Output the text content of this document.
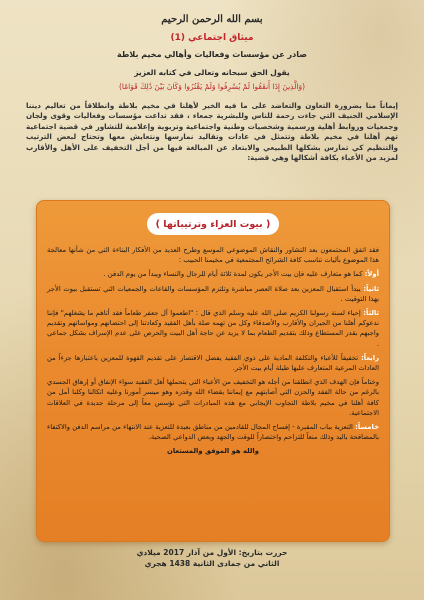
بسم الله الرحمن الرحيم
ميثاق اجتماعي (1)
صادر عن مؤسسات وفعاليات وأهالي مخيم بلاطة
يقول الحق سبحانه وتعالى في كتابه العزيز
(وَالَّذِينَ إِذَا أَنفَقُوا لَمْ يُسْرِفُوا وَلَمْ يَقْتُرُوا وَكَانَ بَيْنَ ذَٰلِكَ قَوَامًا)
إيماناً منا بضرورة التعاون والتعاضد على ما فيه الخير لأهلنا في مخيم بلاطة وانطلاقاً من تعاليم ديننا الإسلامي الحنيف التي جاءت رحمة للناس وللبشرية جمعاء ، فقد تداعت مؤسسات وفعاليات وقوى ولجان وجمعيات وروابط أهلية ورسمية وشخصيات وطنية واجتماعية وتربوية وإعلامية للتشاور في قضية اجتماعية تهم أهلنا في مخيم بلاطة وتتمثل في عادات وتقاليد نمارسها ونتعايش معها وتحتاج لبعض الترتيب والتنظيم كي تمارس بشكلها الطبيعي والابتعاد عن المبالغة فيها من أجل التخفيف على الأهل والأقارب لمزيد من الأعباء بكافة أشكالها وهي قضية:
( بيوت العزاء وترتيباتها )

فقد اتفق المجتمعون بعد التشاور والنقاش الموضوعي الموسع وطرح العديد من الأفكار البناءة التي من شأنها معالجة هذا الموضوع بآليات تناسب كافة الشرائح المجتمعية في مخيمنا الحبيب :

أولاً: كما هو متعارف عليه فإن بيت الأجر يكون لمدة ثلاثة أيام للرجال والنساء ويبدأ من يوم الدفن .

ثانياً: يبدأ استقبال المعزين بعد صلاة العصر مباشرة وتلتزم المؤسسات والقاعات والجمعيات التي تستقبل بيوت الأجر بهذا التوقيت .

ثالثاً: إحياء لسنة رسولنا الكريم صلى الله عليه وسلم الذي قال : "اطعموا آل جعفر طعاماً فقد أتاهم ما يشغلهم" فإننا ندعوكم أهلنا من الجيران والأقارب والأصدقاء وكل من تهمه صلة بأهل الفقيد وكعادتنا إلى احتضانهم ومواساتهم وتقديم واجبهم بقدر المستطاع وذلك بتقديم الطعام بما لا يزيد عن حاجة أهل البيت والحرص على عدم الإسراف بشكل جماعي .

رابعاً: تخفيفاً للأعباء والتكلفة المادية على ذوي الفقيد يفضل الاقتصار على تقديم القهوة للمعزين باعتبارها جزءاً من العادات المرعية المتعارف عليها طيلة أيام بيت الأجر.

وختاماً فإن الهدف الذي انطلقنا من أجله هو التخفيف من الأعباء التي يتحملها أهل الفقيد سواء الإنفاق أو إرهاق الجسدي بالرغم من حالة الفقد والحزن التي أصابتهم مع إيماننا بقضاء الله وقدره وهو ميسر أمورنا وعليه اتكالنا وكلنا أمل من كافة أهلنا في مخيم بلاطة التجاوب الإيجابي مع هذه المبادرات التي نؤسس معاً إلى مرحلة جديدة في العلاقات الاجتماعية.

خامساً: التعزية بباب المقبرة - إفساح المجال للقادمين من مناطق بعيدة للتعزية عند الانتهاء من مراسم الدفن والاكتفاء بالمصافحة باليد وذلك منعاً للتزاحم واختصاراً للوقت والجهد وبعض الدواعي الصحية.

والله هو الموفق والمستعان

حررت بتاريخ: الأول من آذار 2017 ميلادي
الثاني من جمادى الثانية 1438 هجري
